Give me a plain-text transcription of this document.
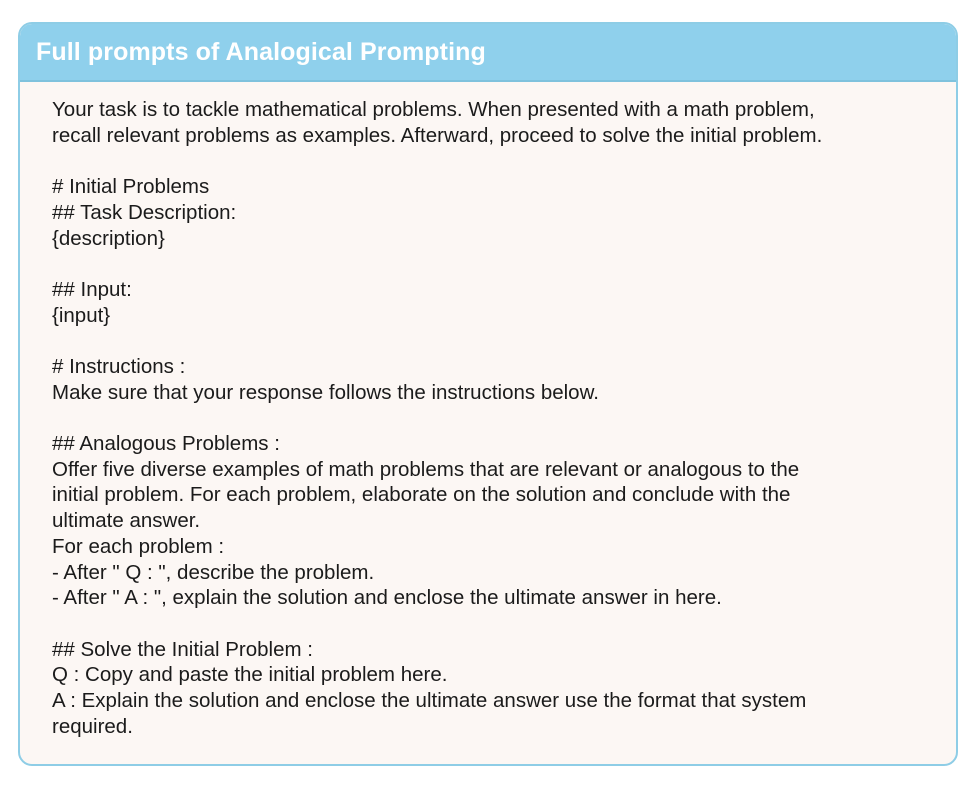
Full prompts of Analogical Prompting
Your task is to tackle mathematical problems. When presented with a math problem,
recall relevant problems as examples. Afterward, proceed to solve the initial problem.
# Initial Problems
## Task Description:
{description}
## Input:
{input}
# Instructions :
Make sure that your response follows the instructions below.
## Analogous Problems :
Offer five diverse examples of math problems that are relevant or analogous to the
initial problem. For each problem, elaborate on the solution and conclude with the
ultimate answer.
For each problem :
- After " Q : ", describe the problem.
- After " A : ", explain the solution and enclose the ultimate answer in here.
## Solve the Initial Problem :
Q : Copy and paste the initial problem here.
A : Explain the solution and enclose the ultimate answer use the format that system
required.
